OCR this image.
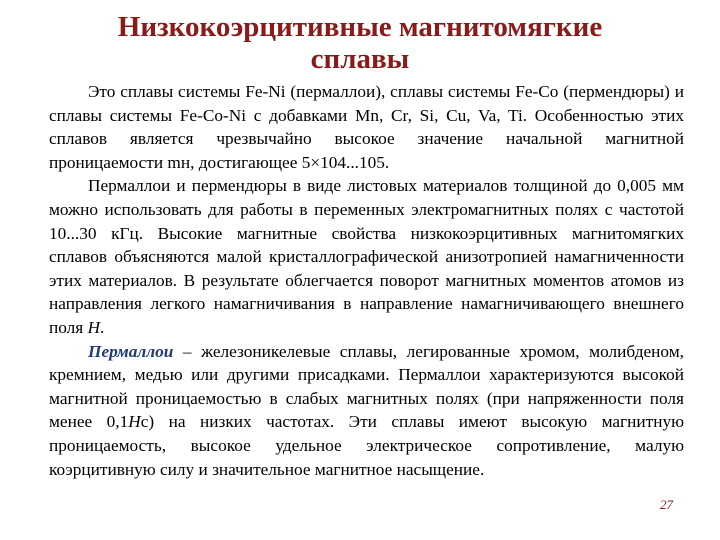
Низкокоэрцитивные магнитомягкие
сплавы

Это сплавы системы Fe-Ni (пермаллои), сплавы системы Fe-Co (пермендюры) и сплавы системы Fe-Co-Ni с добавками Mn, Cr, Si, Cu, Va, Ti. Особенностью этих сплавов является чрезвычайно высокое значение начальной магнитной проницаемости mн, достигающее 5×104...105.

Пермаллои и пермендюры в виде листовых материалов толщиной до 0,005 мм можно использовать для работы в переменных электромагнитных полях с частотой 10...30 кГц. Высокие магнитные свойства низкокоэрцитивных магнитомягких сплавов объясняются малой кристаллографической анизотропией намагниченности этих материалов. В результате облегчается поворот магнитных моментов атомов из направления легкого намагничивания в направление намагничивающего внешнего поля H.

Пермаллои – железоникелевые сплавы, легированные хромом, молибденом, кремнием, медью или другими присадками. Пермаллои характеризуются высокой магнитной проницаемостью в слабых магнитных полях (при напряженности поля менее 0,1Hc) на низких частотах. Эти сплавы имеют высокую магнитную проницаемость, высокое удельное электрическое сопротивление, малую коэрцитивную силу и значительное магнитное насыщение.

27
